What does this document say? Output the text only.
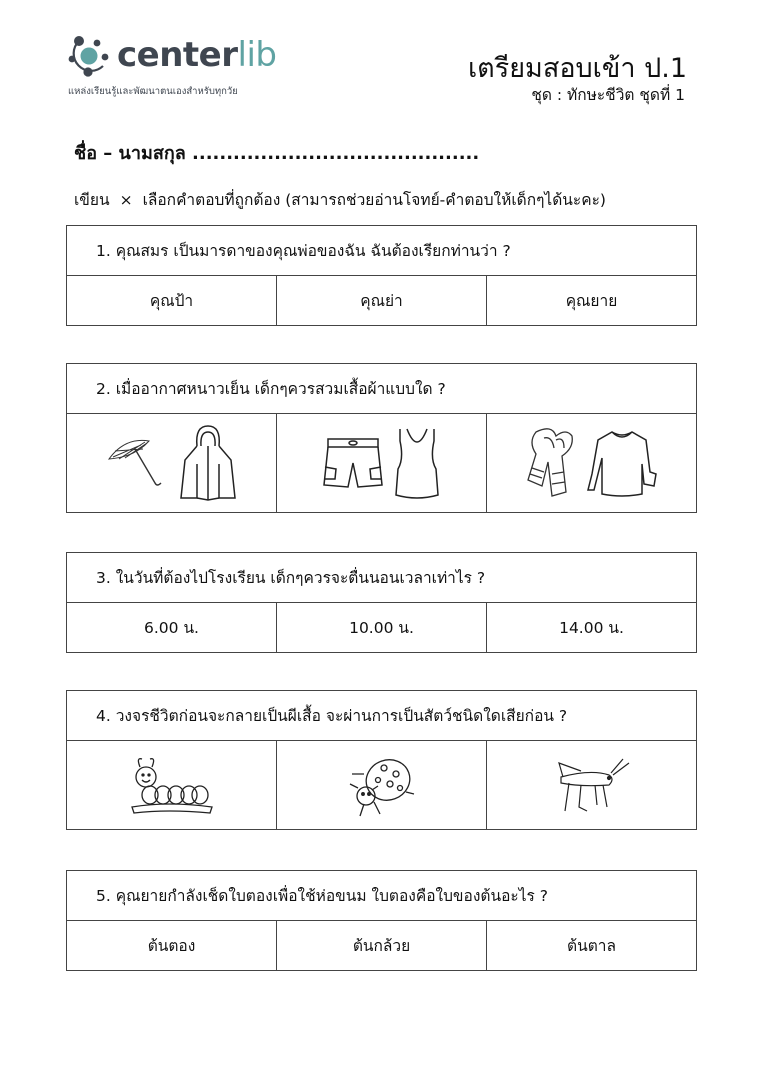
centerlib
แหล่งเรียนรู้และพัฒนาตนเองสำหรับทุกวัย
เตรียมสอบเข้า ป.1
ชุด : ทักษะชีวิต ชุดที่ 1
ชื่อ – นามสกุล ..........................................
เขียน × เลือกคำตอบที่ถูกต้อง (สามารถช่วยอ่านโจทย์-คำตอบให้เด็กๆได้นะคะ)
1. คุณสมร เป็นมารดาของคุณพ่อของฉัน ฉันต้องเรียกท่านว่า ?
คุณป้า	คุณย่า	คุณยาย
2. เมื่ออากาศหนาวเย็น เด็กๆควรสวมเสื้อผ้าแบบใด ?
3. ในวันที่ต้องไปโรงเรียน เด็กๆควรจะตื่นนอนเวลาเท่าไร ?
6.00 น.	10.00 น.	14.00 น.
4. วงจรชีวิตก่อนจะกลายเป็นผีเสื้อ จะผ่านการเป็นสัตว์ชนิดใดเสียก่อน ?
5. คุณยายกำลังเช็ดใบตองเพื่อใช้ห่อขนม ใบตองคือใบของต้นอะไร ?
ต้นตอง	ต้นกล้วย	ต้นตาล
